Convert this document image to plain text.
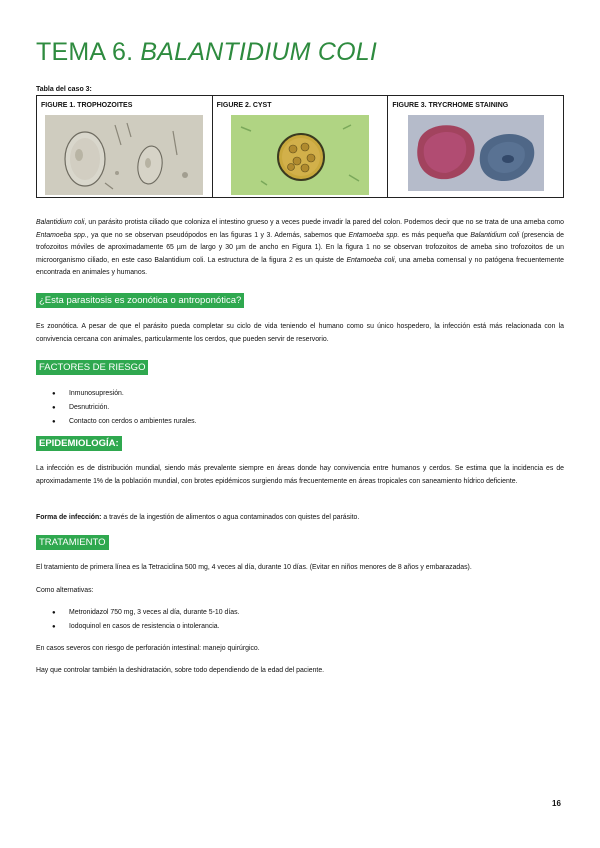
TEMA 6. BALANTIDIUM COLI
Tabla del caso 3:
FIGURE 1. TROPHOZOITES	FIGURE 2. CYST	FIGURE 3. TRYCRHOME STAINING
Balantidium coli, un parásito protista ciliado que coloniza el intestino grueso y a veces puede invadir la pared del colon. Podemos decir que no se trata de una ameba como Entamoeba spp., ya que no se observan pseudópodos en las figuras 1 y 3. Además, sabemos que Entamoeba spp. es más pequeña que Balantidium coli (presencia de trofozoitos móviles de aproximadamente 65 µm de largo y 30 µm de ancho en Figura 1). En la figura 1 no se observan trofozoitos de ameba sino trofozoitos de un microorganismo ciliado, en este caso Balantidium coli. La estructura de la figura 2 es un quiste de Entamoeba coli, una ameba comensal y no patógena frecuentemente encontrada en animales y humanos.
¿Esta parasitosis es zoonótica o antroponótica?
Es zoonótica. A pesar de que el parásito pueda completar su ciclo de vida teniendo el humano como su único hospedero, la infección está más relacionada con la convivencia cercana con animales, particularmente los cerdos, que pueden servir de reservorio.
FACTORES DE RIESGO
● Inmunosupresión.
● Desnutrición.
● Contacto con cerdos o ambientes rurales.
EPIDEMIOLOGÍA:
La infección es de distribución mundial, siendo más prevalente siempre en áreas donde hay convivencia entre humanos y cerdos. Se estima que la incidencia es de aproximadamente 1% de la población mundial, con brotes epidémicos surgiendo más frecuentemente en áreas tropicales con saneamiento hídrico deficiente.
Forma de infección: a través de la ingestión de alimentos o agua contaminados con quistes del parásito.
TRATAMIENTO
El tratamiento de primera línea es la Tetraciclina 500 mg, 4 veces al día, durante 10 días. (Evitar en niños menores de 8 años y embarazadas).
Como alternativas:
● Metronidazol 750 mg, 3 veces al día, durante 5-10 días.
● Iodoquinol en casos de resistencia o intolerancia.
En casos severos con riesgo de perforación intestinal: manejo quirúrgico.
Hay que controlar también la deshidratación, sobre todo dependiendo de la edad del paciente.
16
